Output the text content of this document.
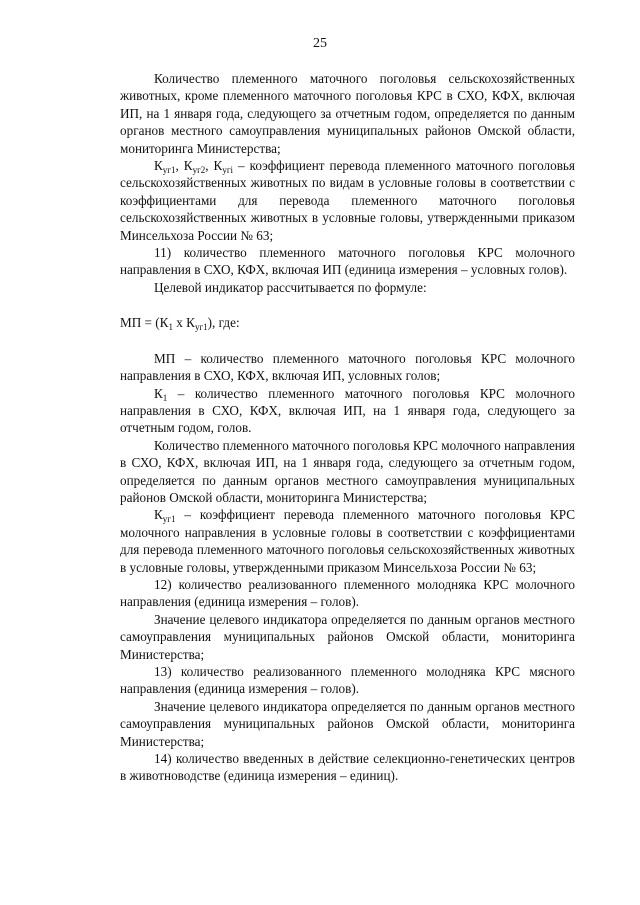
25

Количество племенного маточного поголовья сельскохозяйственных животных, кроме племенного маточного поголовья КРС в СХО, КФХ, включая ИП, на 1 января года, следующего за отчетным годом, определяется по данным органов местного самоуправления муниципальных районов Омской области, мониторинга Министерства;

$К_{уг1}$, $К_{уг2}$, $К_{угi}$ – коэффициент перевода племенного маточного поголовья сельскохозяйственных животных по видам в условные головы в соответствии с коэффициентами для перевода племенного маточного поголовья сельскохозяйственных животных в условные головы, утвержденными приказом Минсельхоза России № 63;

11) количество племенного маточного поголовья КРС молочного направления в СХО, КФХ, включая ИП (единица измерения – условных голов).

Целевой индикатор рассчитывается по формуле:

МП = ($К_1$ х $К_{уг1}$), где:

МП – количество племенного маточного поголовья КРС молочного направления в СХО, КФХ, включая ИП, условных голов;

$К_1$ – количество племенного маточного поголовья КРС молочного направления в СХО, КФХ, включая ИП, на 1 января года, следующего за отчетным годом, голов.

Количество племенного маточного поголовья КРС молочного направления в СХО, КФХ, включая ИП, на 1 января года, следующего за отчетным годом, определяется по данным органов местного самоуправления муниципальных районов Омской области, мониторинга Министерства;

$К_{уг1}$ – коэффициент перевода племенного маточного поголовья КРС молочного направления в условные головы в соответствии с коэффициентами для перевода племенного маточного поголовья сельскохозяйственных животных в условные головы, утвержденными приказом Минсельхоза России № 63;

12) количество реализованного племенного молодняка КРС молочного направления (единица измерения – голов).

Значение целевого индикатора определяется по данным органов местного самоуправления муниципальных районов Омской области, мониторинга Министерства;

13) количество реализованного племенного молодняка КРС мясного направления (единица измерения – голов).

Значение целевого индикатора определяется по данным органов местного самоуправления муниципальных районов Омской области, мониторинга Министерства;

14) количество введенных в действие селекционно-генетических центров в животноводстве (единица измерения – единиц).
